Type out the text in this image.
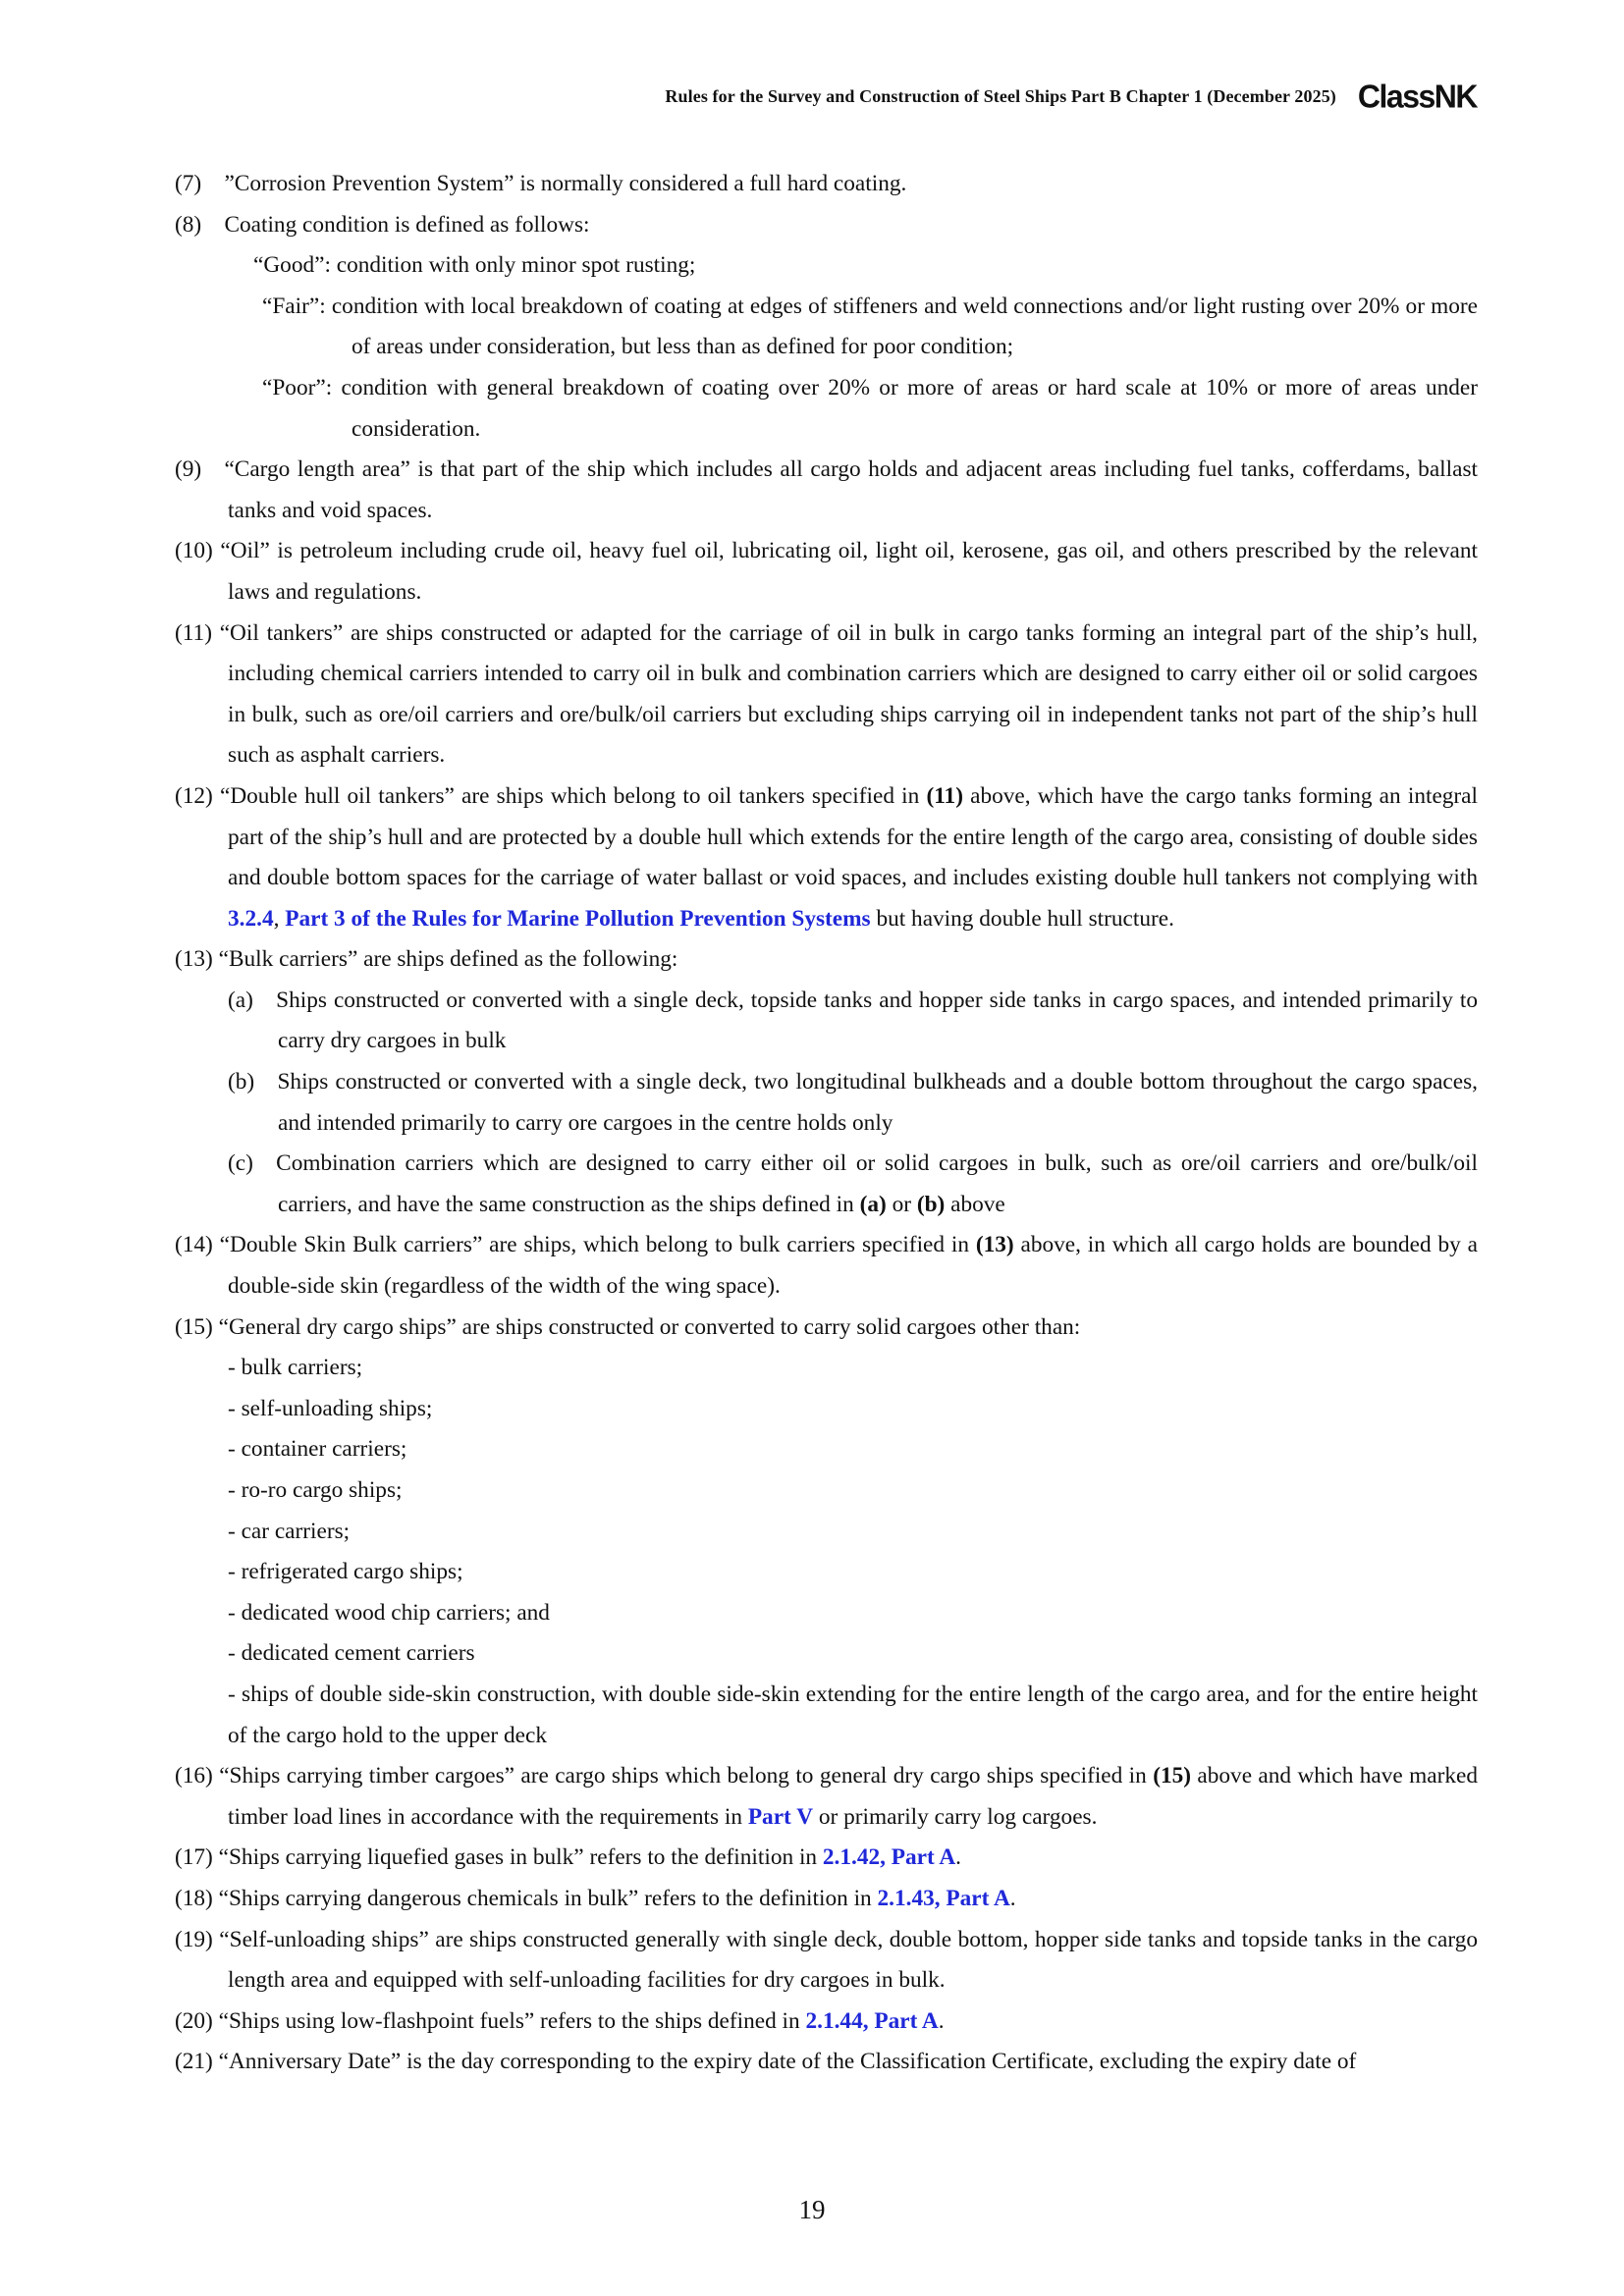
Rules for the Survey and Construction of Steel Ships Part B Chapter 1 (December 2025) ClassNK

(7) ”Corrosion Prevention System” is normally considered a full hard coating.

(8) Coating condition is defined as follows:

“Good”: condition with only minor spot rusting;

“Fair”: condition with local breakdown of coating at edges of stiffeners and weld connections and/or light rusting over 20% or more of areas under consideration, but less than as defined for poor condition;

“Poor”: condition with general breakdown of coating over 20% or more of areas or hard scale at 10% or more of areas under consideration.

(9) “Cargo length area” is that part of the ship which includes all cargo holds and adjacent areas including fuel tanks, cofferdams, ballast tanks and void spaces.

(10) “Oil” is petroleum including crude oil, heavy fuel oil, lubricating oil, light oil, kerosene, gas oil, and others prescribed by the relevant laws and regulations.

(11) “Oil tankers” are ships constructed or adapted for the carriage of oil in bulk in cargo tanks forming an integral part of the ship’s hull, including chemical carriers intended to carry oil in bulk and combination carriers which are designed to carry either oil or solid cargoes in bulk, such as ore/oil carriers and ore/bulk/oil carriers but excluding ships carrying oil in independent tanks not part of the ship’s hull such as asphalt carriers.

(12) “Double hull oil tankers” are ships which belong to oil tankers specified in (11) above, which have the cargo tanks forming an integral part of the ship’s hull and are protected by a double hull which extends for the entire length of the cargo area, consisting of double sides and double bottom spaces for the carriage of water ballast or void spaces, and includes existing double hull tankers not complying with 3.2.4, Part 3 of the Rules for Marine Pollution Prevention Systems but having double hull structure.

(13) “Bulk carriers” are ships defined as the following:

(a) Ships constructed or converted with a single deck, topside tanks and hopper side tanks in cargo spaces, and intended primarily to carry dry cargoes in bulk

(b) Ships constructed or converted with a single deck, two longitudinal bulkheads and a double bottom throughout the cargo spaces, and intended primarily to carry ore cargoes in the centre holds only

(c) Combination carriers which are designed to carry either oil or solid cargoes in bulk, such as ore/oil carriers and ore/bulk/oil carriers, and have the same construction as the ships defined in (a) or (b) above

(14) “Double Skin Bulk carriers” are ships, which belong to bulk carriers specified in (13) above, in which all cargo holds are bounded by a double-side skin (regardless of the width of the wing space).

(15) “General dry cargo ships” are ships constructed or converted to carry solid cargoes other than:

- bulk carriers;

- self-unloading ships;

- container carriers;

- ro-ro cargo ships;

- car carriers;

- refrigerated cargo ships;

- dedicated wood chip carriers; and

- dedicated cement carriers

- ships of double side-skin construction, with double side-skin extending for the entire length of the cargo area, and for the entire height of the cargo hold to the upper deck

(16) “Ships carrying timber cargoes” are cargo ships which belong to general dry cargo ships specified in (15) above and which have marked timber load lines in accordance with the requirements in Part V or primarily carry log cargoes.

(17) “Ships carrying liquefied gases in bulk” refers to the definition in 2.1.42, Part A.

(18) “Ships carrying dangerous chemicals in bulk” refers to the definition in 2.1.43, Part A.

(19) “Self-unloading ships” are ships constructed generally with single deck, double bottom, hopper side tanks and topside tanks in the cargo length area and equipped with self-unloading facilities for dry cargoes in bulk.

(20) “Ships using low-flashpoint fuels” refers to the ships defined in 2.1.44, Part A.

(21) “Anniversary Date” is the day corresponding to the expiry date of the Classification Certificate, excluding the expiry date of

19
